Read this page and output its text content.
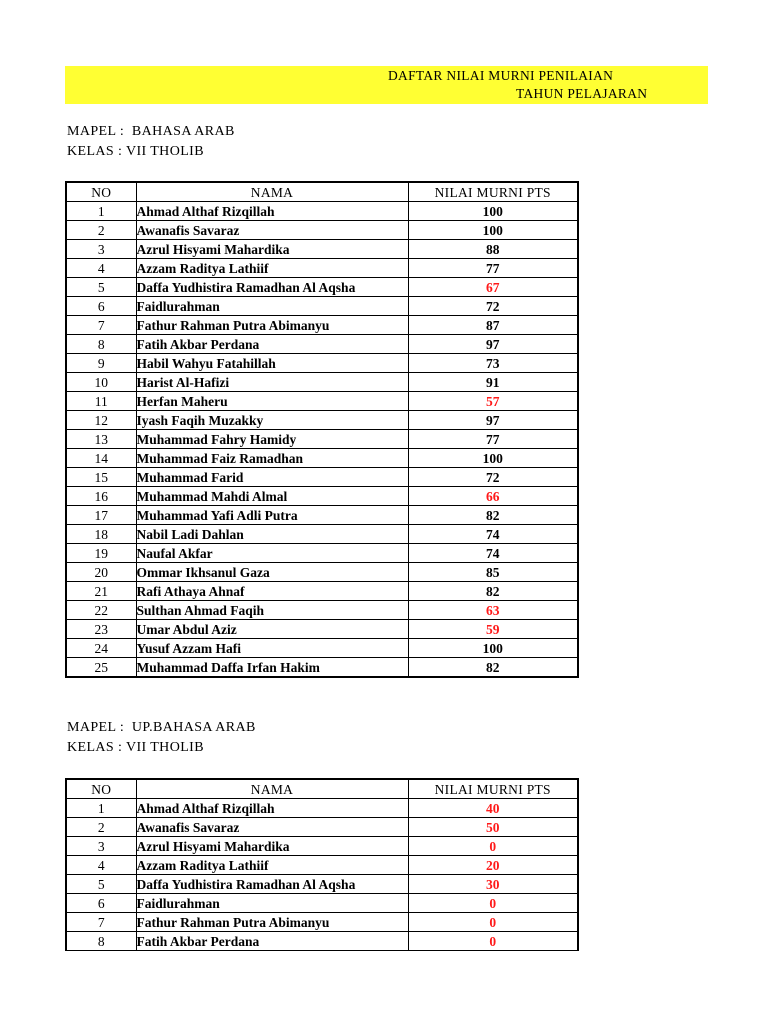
DAFTAR NILAI MURNI PENILAIAN
TAHUN PELAJARAN
MAPEL :  BAHASA ARAB
KELAS : VII THOLIB
NO	NAMA	NILAI MURNI PTS
1	Ahmad Althaf Rizqillah	100
2	Awanafis Savaraz	100
3	Azrul Hisyami Mahardika	88
4	Azzam Raditya Lathiif	77
5	Daffa Yudhistira Ramadhan Al Aqsha	67
6	Faidlurahman	72
7	Fathur Rahman Putra Abimanyu	87
8	Fatih Akbar Perdana	97
9	Habil Wahyu Fatahillah	73
10	Harist Al-Hafizi	91
11	Herfan Maheru	57
12	Iyash Faqih Muzakky	97
13	Muhammad Fahry Hamidy	77
14	Muhammad Faiz Ramadhan	100
15	Muhammad Farid	72
16	Muhammad Mahdi Almal	66
17	Muhammad Yafi Adli Putra	82
18	Nabil Ladi Dahlan	74
19	Naufal Akfar	74
20	Ommar Ikhsanul Gaza	85
21	Rafi Athaya Ahnaf	82
22	Sulthan Ahmad Faqih	63
23	Umar Abdul Aziz	59
24	Yusuf Azzam Hafi	100
25	Muhammad Daffa Irfan Hakim	82
MAPEL :  UP.BAHASA ARAB
KELAS : VII THOLIB
NO	NAMA	NILAI MURNI PTS
1	Ahmad Althaf Rizqillah	40
2	Awanafis Savaraz	50
3	Azrul Hisyami Mahardika	0
4	Azzam Raditya Lathiif	20
5	Daffa Yudhistira Ramadhan Al Aqsha	30
6	Faidlurahman	0
7	Fathur Rahman Putra Abimanyu	0
8	Fatih Akbar Perdana	0
